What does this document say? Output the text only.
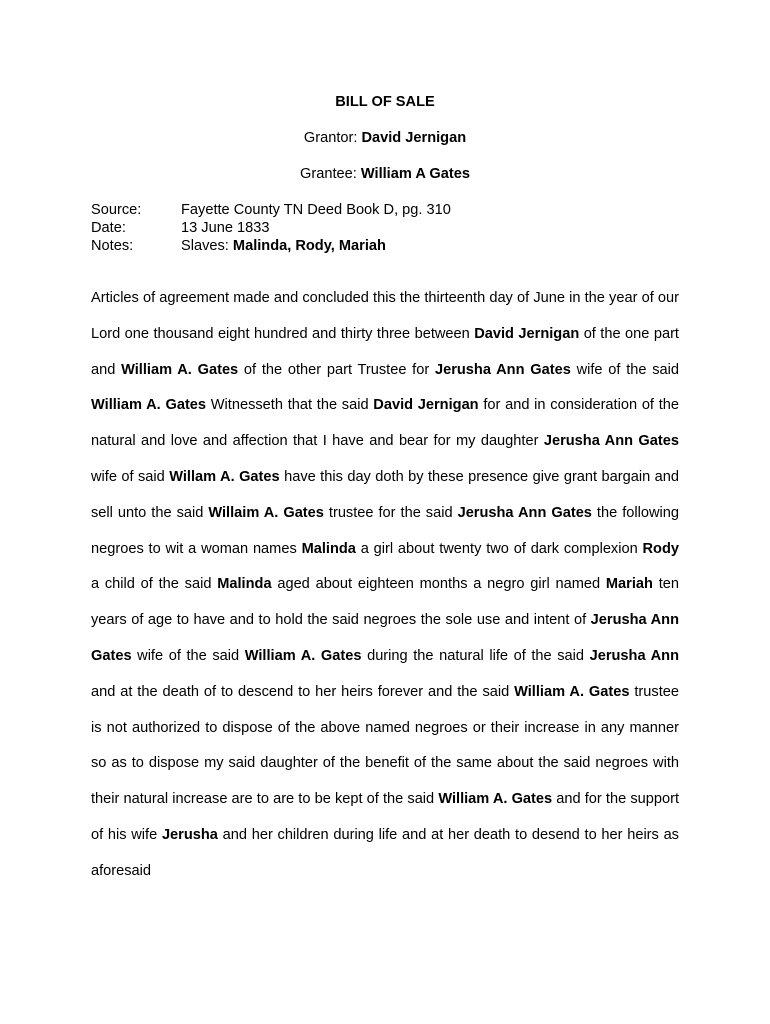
BILL OF SALE
Grantor: David Jernigan
Grantee: William A Gates
Source:	Fayette County TN Deed Book D, pg. 310
Date:	13 June 1833
Notes:	Slaves: Malinda, Rody, Mariah
Articles of agreement made and concluded this the thirteenth day of June in the year of our Lord one thousand eight hundred and thirty three between David Jernigan of the one part and William A. Gates of the other part Trustee for Jerusha Ann Gates wife of the said William A. Gates Witnesseth that the said David Jernigan for and in consideration of the natural and love and affection that I have and bear for my daughter Jerusha Ann Gates wife of said Willam A. Gates have this day doth by these presence give grant bargain and sell unto the said Willaim A. Gates trustee for the said Jerusha Ann Gates the following negroes to wit a woman names Malinda a girl about twenty two of dark complexion Rody a child of the said Malinda aged about eighteen months a negro girl named Mariah ten years of age to have and to hold the said negroes the sole use and intent of Jerusha Ann Gates wife of the said William A. Gates during the natural life of the said Jerusha Ann and at the death of to descend to her heirs forever and the said William A. Gates trustee is not authorized to dispose of the above named negroes or their increase in any manner so as to dispose my said daughter of the benefit of the same about the said negroes with their natural increase are to are to be kept of the said William A. Gates and for the support of his wife Jerusha and her children during life and at her death to desend to her heirs as aforesaid
